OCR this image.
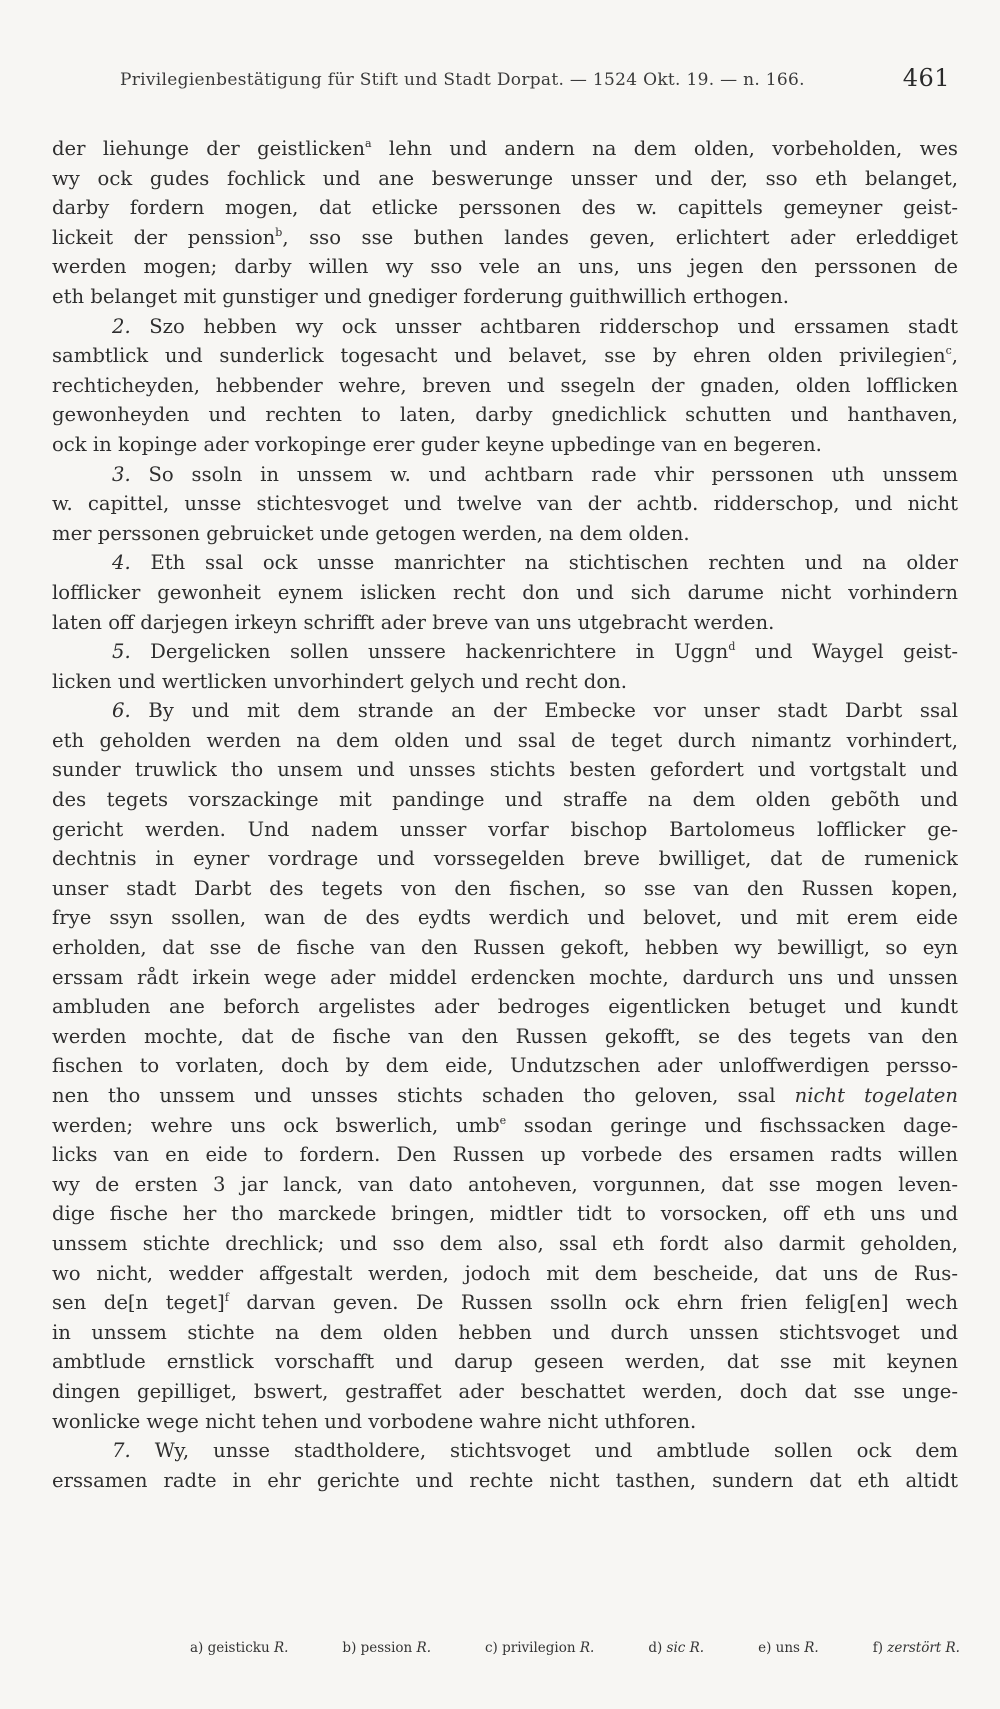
Privilegienbestätigung für Stift und Stadt Dorpat. — 1524 Okt. 19. — n. 166.	461
der liehunge der geistlicken$^a$ lehn und andern na dem olden, vorbeholden, wes
wy ock gudes fochlick und ane beswerunge unsser und der, sso eth belanget,
darby fordern mogen, dat etlicke perssonen des w. capittels gemeyner geist-
lickeit der penssion$^b$, sso sse buthen landes geven, erlichtert ader erleddiget
werden mogen; darby willen wy sso vele an uns, uns jegen den perssonen de
eth belanget mit gunstiger und gnediger forderung guithwillich erthogen.
2. Szo hebben wy ock unsser achtbaren ridderschop und erssamen stadt
sambtlick und sunderlick togesacht und belavet, sse by ehren olden privilegien$^c$,
rechticheyden, hebbender wehre, breven und ssegeln der gnaden, olden lofflicken
gewonheyden und rechten to laten, darby gnedichlick schutten und hanthaven,
ock in kopinge ader vorkopinge erer guder keyne upbedinge van en begeren.
3. So ssoln in unssem w. und achtbarn rade vhir perssonen uth unssem
w. capittel, unsse stichtesvoget und twelve van der achtb. ridderschop, und nicht
mer perssonen gebruicket unde getogen werden, na dem olden.
4. Eth ssal ock unsse manrichter na stichtischen rechten und na older
lofflicker gewonheit eynem islicken recht don und sich darume nicht vorhindern
laten off darjegen irkeyn schrifft ader breve van uns utgebracht werden.
5. Dergelicken sollen unssere hackenrichtere in Uggn$^d$ und Waygel geist-
licken und wertlicken unvorhindert gelych und recht don.
6. By und mit dem strande an der Embecke vor unser stadt Darbt ssal
eth geholden werden na dem olden und ssal de teget durch nimantz vorhindert,
sunder truwlick tho unsem und unsses stichts besten gefordert und vortgstalt und
des tegets vorszackinge mit pandinge und straffe na dem olden gebõth und
gericht werden. Und nadem unsser vorfar bischop Bartolomeus lofflicker ge-
dechtnis in eyner vordrage und vorssegelden breve bwilliget, dat de rumenick
unser stadt Darbt des tegets von den fischen, so sse van den Russen kopen,
frye ssyn ssollen, wan de des eydts werdich und belovet, und mit erem eide
erholden, dat sse de fische van den Russen gekoft, hebben wy bewilligt, so eyn
erssam rådt irkein wege ader middel erdencken mochte, dardurch uns und unssen
ambluden ane beforch argelistes ader bedroges eigentlicken betuget und kundt
werden mochte, dat de fische van den Russen gekofft, se des tegets van den
fischen to vorlaten, doch by dem eide, Undutzschen ader unloffwerdigen persso-
nen tho unssem und unsses stichts schaden tho geloven, ssal nicht togelaten
werden; wehre uns ock bswerlich, umb$^e$ ssodan geringe und fischssacken dage-
licks van en eide to fordern. Den Russen up vorbede des ersamen radts willen
wy de ersten 3 jar lanck, van dato antoheven, vorgunnen, dat sse mogen leven-
dige fische her tho marckede bringen, midtler tidt to vorsocken, off eth uns und
unssem stichte drechlick; und sso dem also, ssal eth fordt also darmit geholden,
wo nicht, wedder affgestalt werden, jodoch mit dem bescheide, dat uns de Rus-
sen de[n teget]$^f$ darvan geven. De Russen ssolln ock ehrn frien felig[en] wech
in unssem stichte na dem olden hebben und durch unssen stichtsvoget und
ambtlude ernstlick vorschafft und darup geseen werden, dat sse mit keynen
dingen gepilliget, bswert, gestraffet ader beschattet werden, doch dat sse unge-
wonlicke wege nicht tehen und vorbodene wahre nicht uthforen.
7. Wy, unsse stadtholdere, stichtsvoget und ambtlude sollen ock dem
erssamen radte in ehr gerichte und rechte nicht tasthen, sundern dat eth altidt
a) geisticku R.	b) pession R.	c) privilegion R.	d) sic R.	e) uns R.	f) zerstört R.
